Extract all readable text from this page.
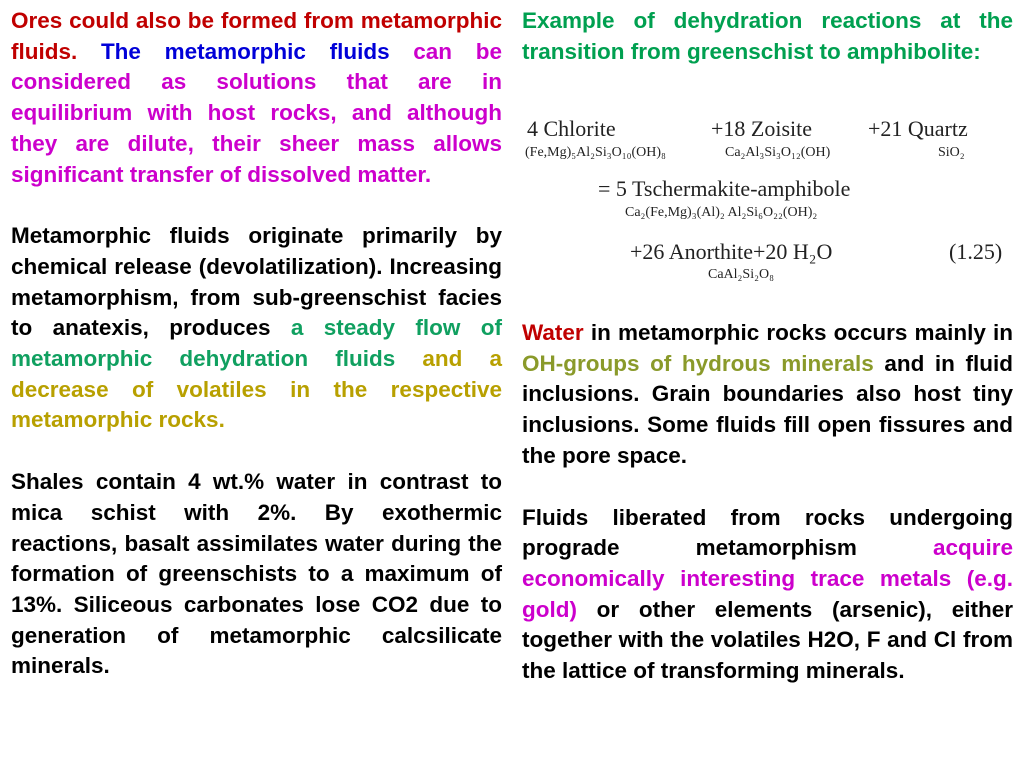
Ores could also be formed from metamorphic fluids. The metamorphic fluids can be considered as solutions that are in equilibrium with host rocks, and although they are dilute, their sheer mass allows significant transfer of dissolved matter.

Metamorphic fluids originate primarily by chemical release (devolatilization). Increasing metamorphism, from sub-greenschist facies to anatexis, produces a steady flow of metamorphic dehydration fluids and a decrease of volatiles in the respective metamorphic rocks.

Shales contain 4 wt.% water in contrast to mica schist with 2%. By exothermic reactions, basalt assimilates water during the formation of greenschists to a maximum of 13%. Siliceous carbonates lose CO2 due to generation of metamorphic calcsilicate minerals.

Example of dehydration reactions at the transition from greenschist to amphibolite:

4 Chlorite
(Fe,Mg)₅Al₂Si₃O₁₀(OH)₈
+18 Zoisite
Ca₂Al₃Si₃O₁₂(OH)
+21 Quartz
SiO₂
= 5 Tschermakite-amphibole
Ca₂(Fe,Mg)₃(Al)₂ Al₂Si₆O₂₂(OH)₂
+26 Anorthite+20 H₂O
CaAl₂Si₂O₈
(1.25)

Water in metamorphic rocks occurs mainly in OH-groups of hydrous minerals and in fluid inclusions. Grain boundaries also host tiny inclusions. Some fluids fill open fissures and the pore space.

Fluids liberated from rocks undergoing prograde metamorphism	acquire economically interesting trace metals (e.g. gold) or other elements (arsenic), either together with the volatiles H2O, F and Cl from the lattice of transforming minerals.
